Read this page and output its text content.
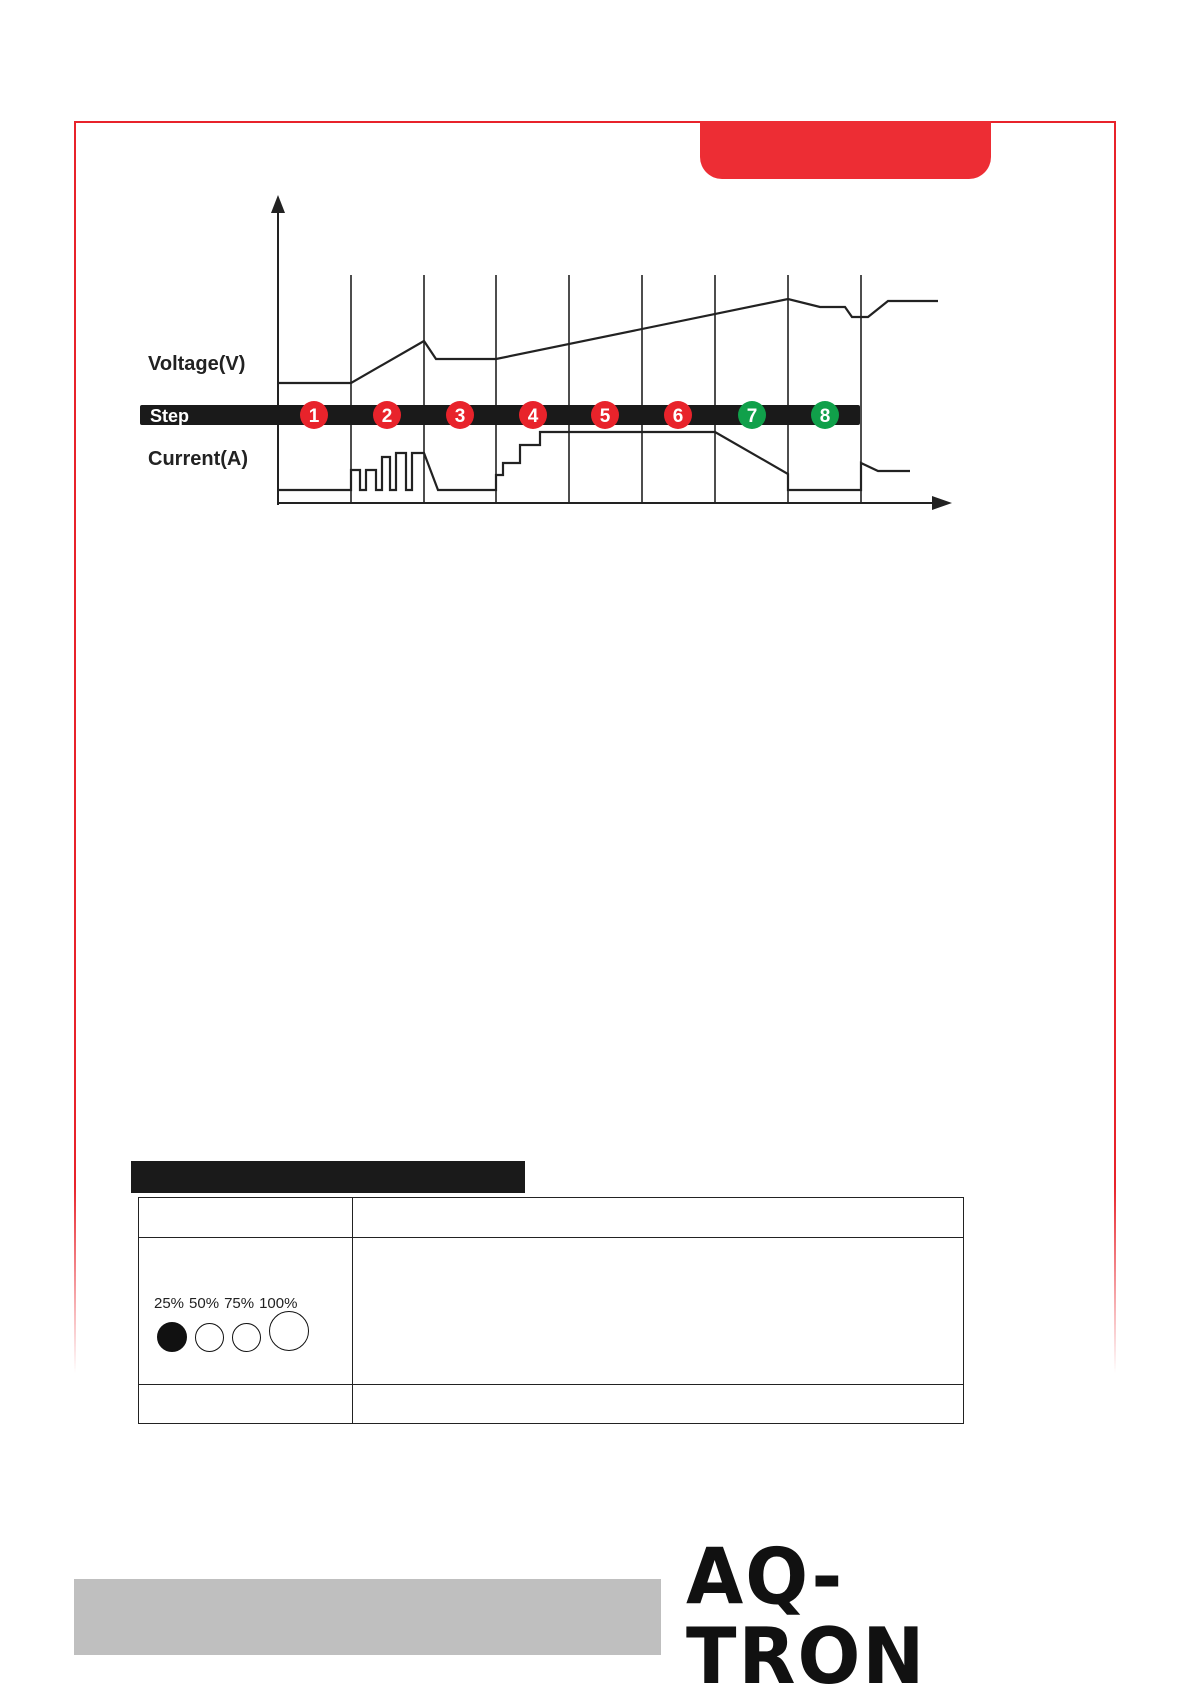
Voltage(V)
Step
Current(A)
1	2	3	4	5	6	7	8

25% 50% 75% 100%	

AQ-TRON
